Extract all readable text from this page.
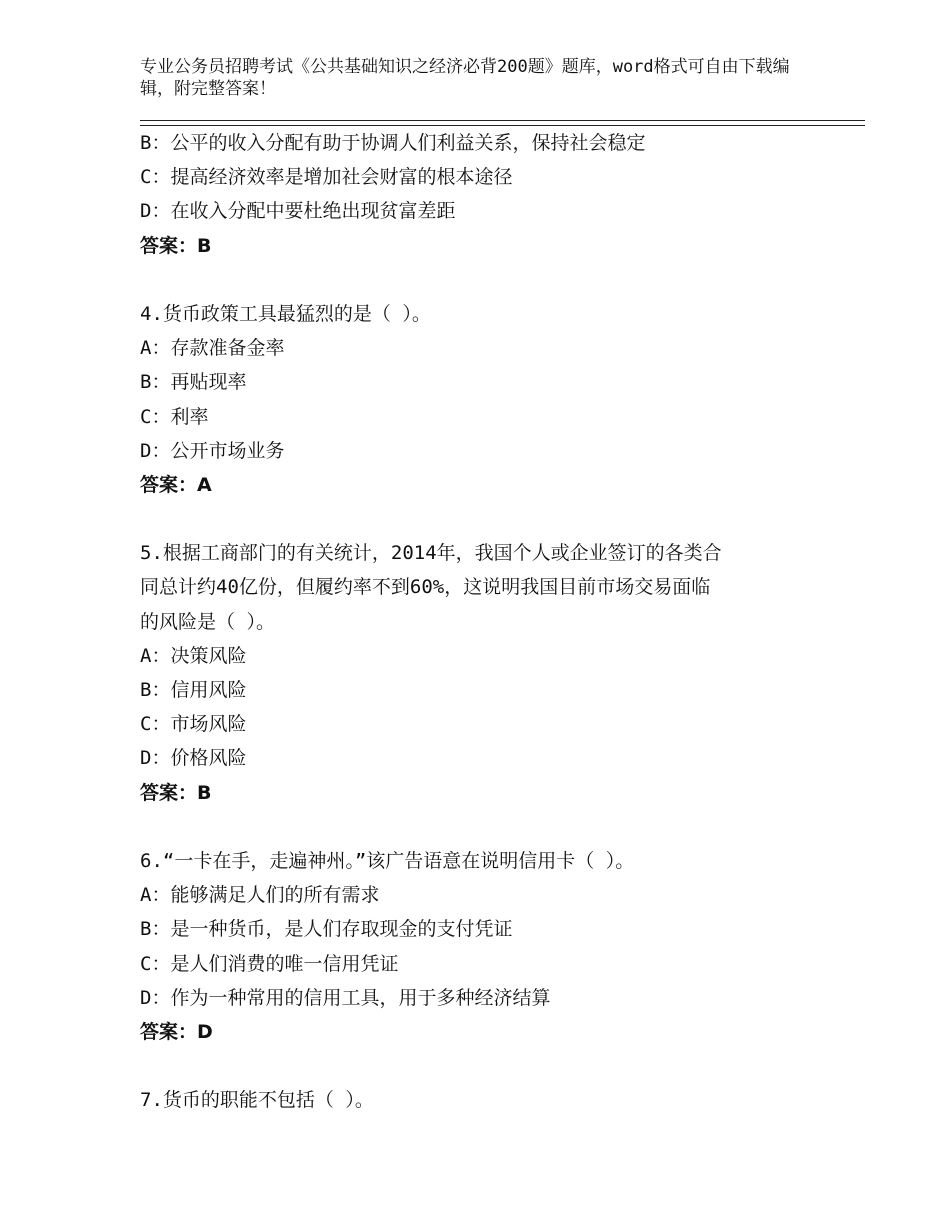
专业公务员招聘考试《公共基础知识之经济必背200题》题库，word格式可自由下载编辑，附完整答案！
B：公平的收入分配有助于协调人们利益关系，保持社会稳定
C：提高经济效率是增加社会财富的根本途径
D：在收入分配中要杜绝出现贫富差距
答案：B
4.货币政策工具最猛烈的是（ ）。
A：存款准备金率
B：再贴现率
C：利率
D：公开市场业务
答案：A
5.根据工商部门的有关统计，2014年，我国个人或企业签订的各类合
同总计约40亿份，但履约率不到60%，这说明我国目前市场交易面临
的风险是（ ）。
A：决策风险
B：信用风险
C：市场风险
D：价格风险
答案：B
6.“一卡在手，走遍神州。”该广告语意在说明信用卡（ ）。
A：能够满足人们的所有需求
B：是一种货币，是人们存取现金的支付凭证
C：是人们消费的唯一信用凭证
D：作为一种常用的信用工具，用于多种经济结算
答案：D
7.货币的职能不包括（ ）。
